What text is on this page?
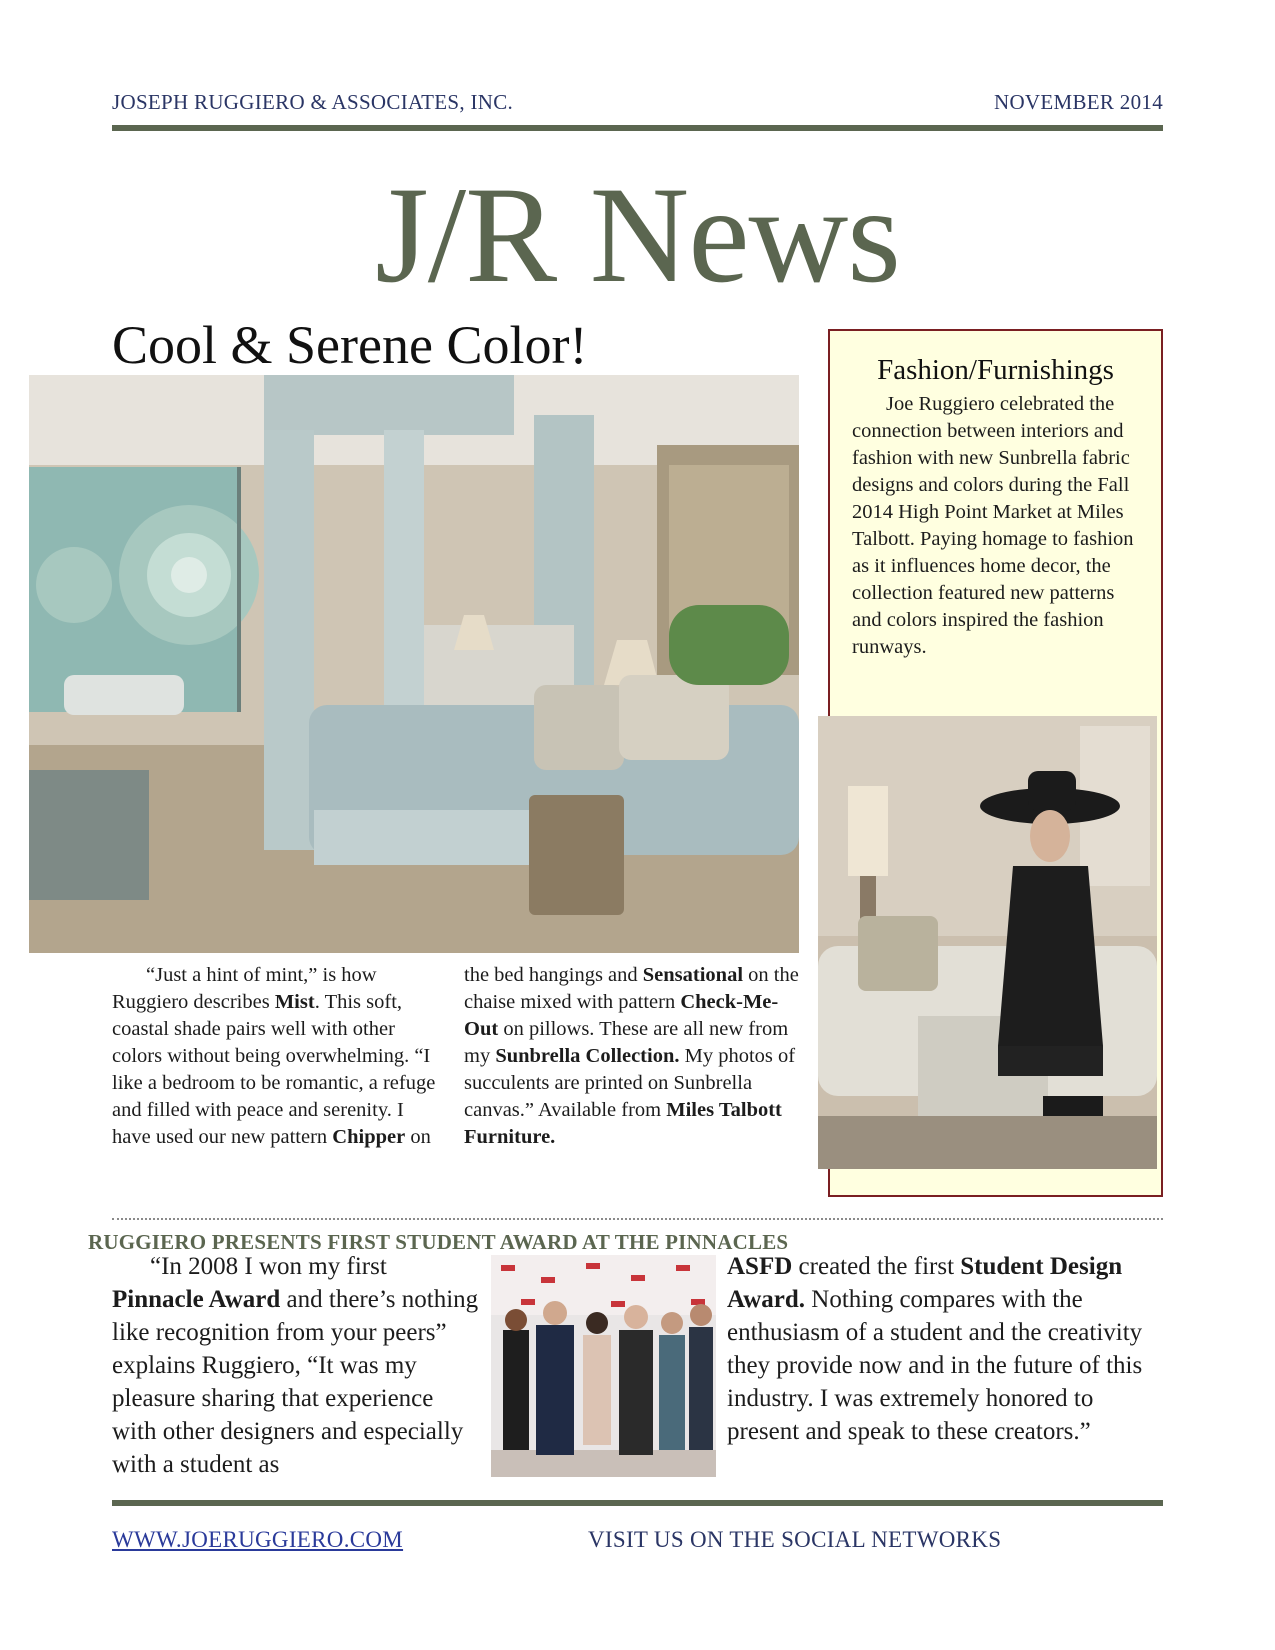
JOSEPH RUGGIERO & ASSOCIATES, INC.	NOVEMBER 2014
J/R News
Cool & Serene Color!

“Just a hint of mint,” is how Ruggiero describes Mist. This soft, coastal shade pairs well with other colors without being overwhelming. “I like a bedroom to be romantic, a refuge and filled with peace and serenity. I have used our new pattern Chipper on

the bed hangings and Sensational on the chaise mixed with pattern Check-Me-Out on pillows. These are all new from my Sunbrella Collection. My photos of succulents are printed on Sunbrella canvas.” Available from Miles Talbott Furniture.

Fashion/Furnishings

Joe Ruggiero celebrated the connection between interiors and fashion with new Sunbrella fabric designs and colors during the Fall 2014 High Point Market at Miles Talbott. Paying homage to fashion as it influences home decor, the collection featured new patterns and colors inspired the fashion runways.

RUGGIERO PRESENTS FIRST STUDENT AWARD AT THE PINNACLES

“In 2008 I won my first Pinnacle Award and there’s nothing like recognition from your peers” explains Ruggiero, “It was my pleasure sharing that experience with other designers and especially with a student as

ASFD created the first Student Design Award. Nothing compares with the enthusiasm of a student and the creativity they provide now and in the future of this industry. I was extremely honored to present and speak to these creators.”

WWW.JOERUGGIERO.COM	VISIT US ON THE SOCIAL NETWORKS
